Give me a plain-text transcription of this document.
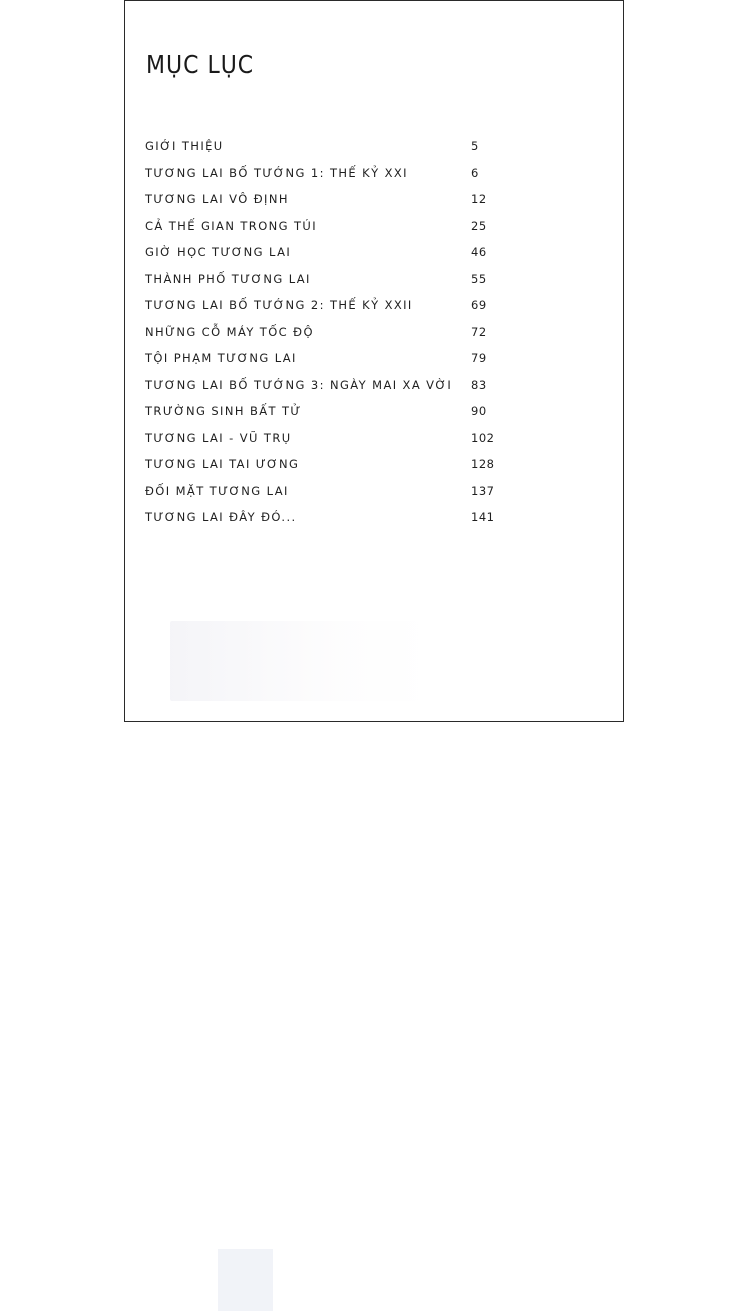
MỤC LỤC
GIỚI THIỆU	5
TƯƠNG LAI BỐ TƯỚNG 1: THẾ KỶ XXI	6
TƯƠNG LAI VÔ ĐỊNH	12
CẢ THẾ GIAN TRONG TÚI	25
GIỜ HỌC TƯƠNG LAI	46
THÀNH PHỐ TƯƠNG LAI	55
TƯƠNG LAI BỐ TƯỚNG 2: THẾ KỶ XXII	69
NHỮNG CỖ MÁY TỐC ĐỘ	72
TỘI PHẠM TƯƠNG LAI	79
TƯƠNG LAI BỐ TƯỚNG 3: NGÀY MAI XA VỜI 83
TRƯỜNG SINH BẤT TỬ	90
TƯƠNG LAI - VŨ TRỤ	102
TƯƠNG LAI TAI ƯƠNG	128
ĐỐI MẶT TƯƠNG LAI	137
TƯƠNG LAI ĐÂY ĐÓ...	141
